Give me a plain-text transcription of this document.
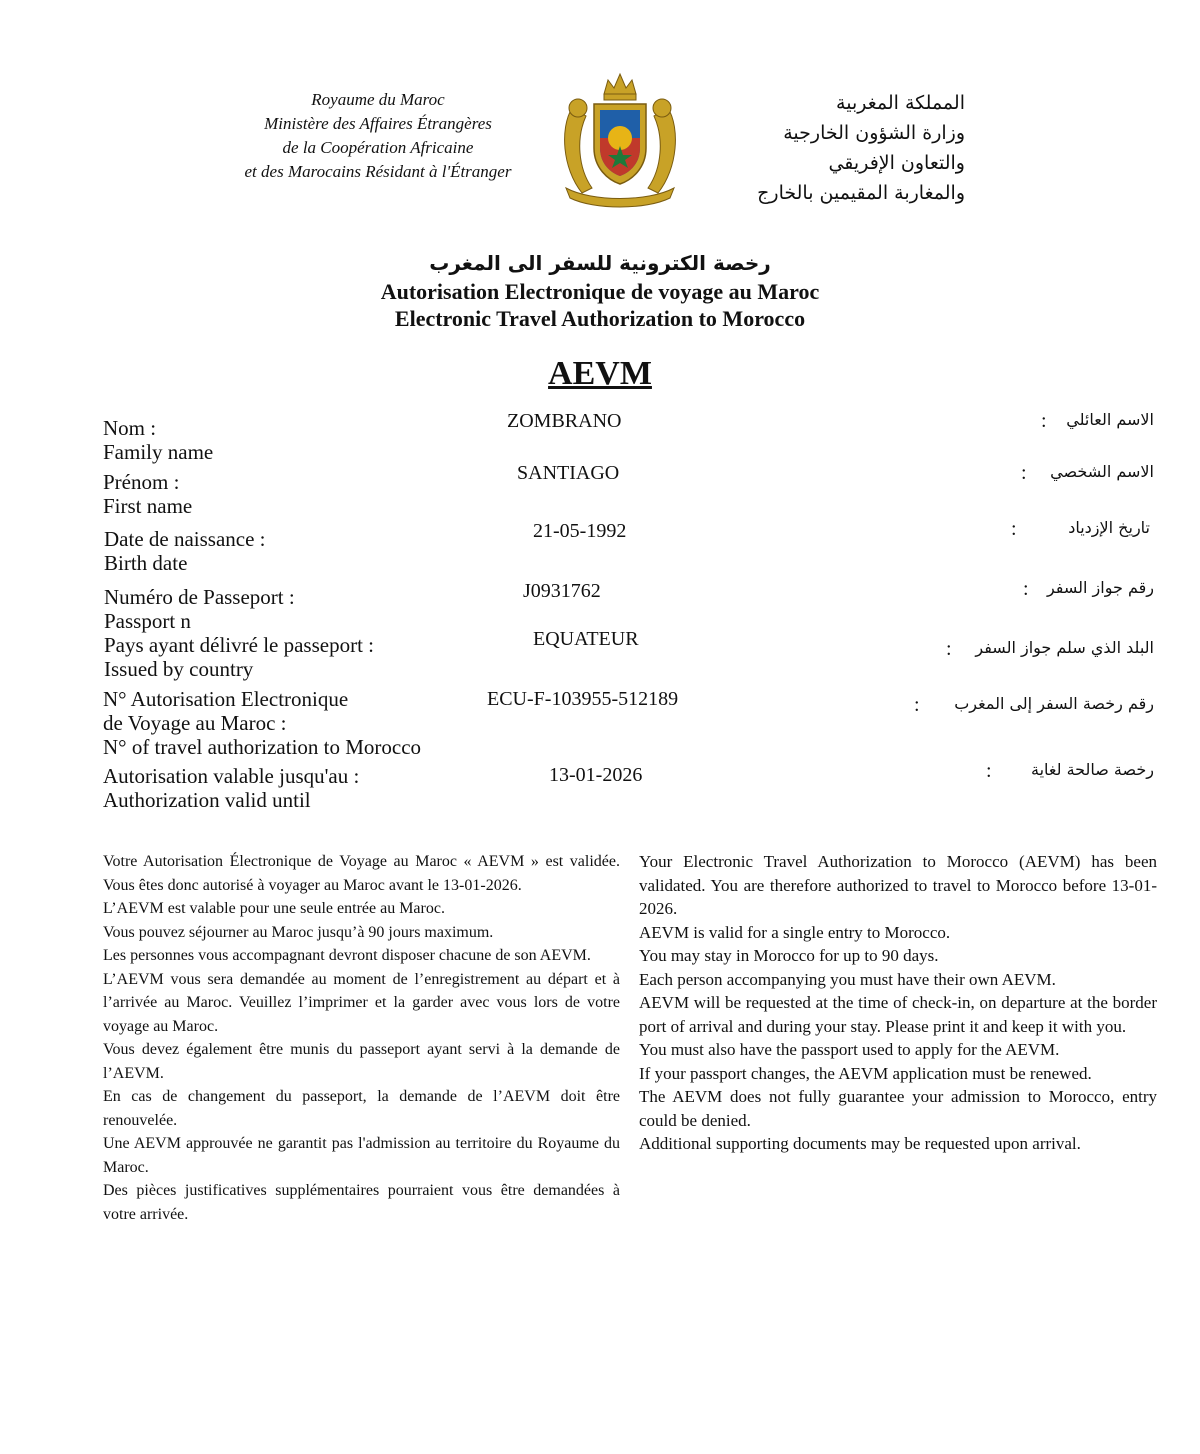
Royaume du Maroc
Ministère des Affaires Étrangères
de la Coopération Africaine
et des Marocains Résidant à l'Étranger
المملكة المغربية
وزارة الشؤون الخارجية
والتعاون الإفريقي
والمغاربة المقيمين بالخارج
رخصة الكترونية للسفر الى المغرب
Autorisation Electronique de voyage au Maroc
Electronic Travel Authorization to Morocco
AEVM
Nom :
Family name
ZOMBRANO	الاسم العائلي
:
Prénom :
First name
SANTIAGO	الاسم الشخصي
:
Date de naissance :
Birth date
21-05-1992	تاريخ الإزدياد
:
Numéro de Passeport :
Passport n
J0931762	رقم جواز السفر
:
Pays ayant délivré le passeport :
Issued by country
EQUATEUR	البلد الذي سلم جواز السفر
:
N° Autorisation Electronique
de Voyage au Maroc :
N° of travel authorization to Morocco
ECU-F-103955-512189	رقم رخصة السفر إلى المغرب
:
Autorisation valable jusqu'au :
Authorization valid until
13-01-2026	رخصة صالحة لغاية
:

Votre Autorisation Électronique de Voyage au Maroc « AEVM » est validée. Vous êtes donc autorisé à voyager au Maroc avant le 13-01-2026.

L’AEVM est valable pour une seule entrée au Maroc.

Vous pouvez séjourner au Maroc jusqu’à 90 jours maximum.

Les personnes vous accompagnant devront disposer chacune de son AEVM.

L’AEVM vous sera demandée au moment de l’enregistrement au départ et à l’arrivée au Maroc. Veuillez l’imprimer et la garder avec vous lors de votre voyage au Maroc.

Vous devez également être munis du passeport ayant servi à la demande de l’AEVM.

En cas de changement du passeport, la demande de l’AEVM doit être renouvelée.

Une AEVM approuvée ne garantit pas l'admission au territoire du Royaume du Maroc.

Des pièces justificatives supplémentaires pourraient vous être demandées à votre arrivée.

Your Electronic Travel Authorization to Morocco (AEVM) has been validated. You are therefore authorized to travel to Morocco before 13-01-2026.

AEVM is valid for a single entry to Morocco.

You may stay in Morocco for up to 90 days.

Each person accompanying you must have their own AEVM.

AEVM will be requested at the time of check-in, on departure at the border port of arrival and during your stay. Please print it and keep it with you.

You must also have the passport used to apply for the AEVM.

If your passport changes, the AEVM application must be renewed.

The AEVM does not fully guarantee your admission to Morocco, entry could be denied.

Additional supporting documents may be requested upon arrival.
